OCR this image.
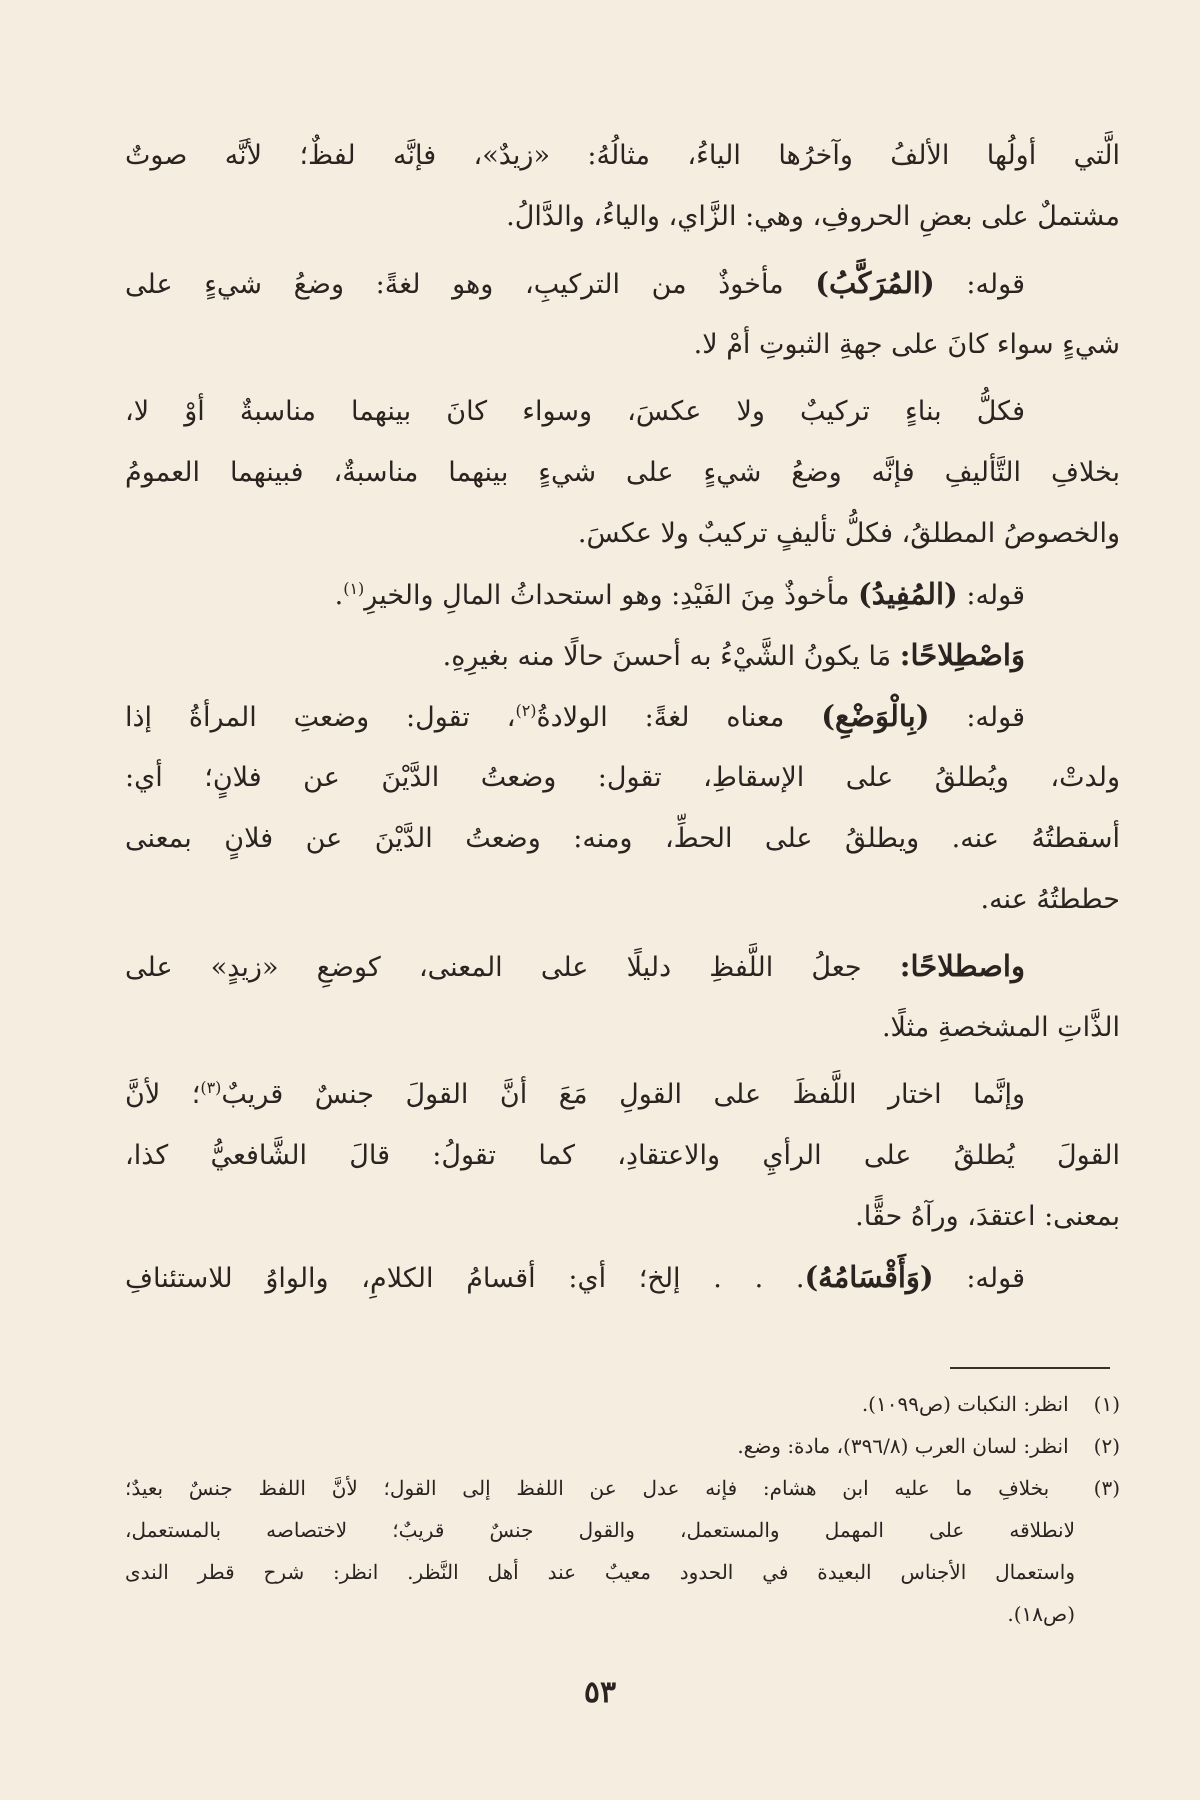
الَّتي أولُها الألفُ وآخرُها الياءُ، مثالُهُ: «زيدٌ»، فإنَّه لفظٌ؛ لأنَّه صوتٌ
مشتملٌ على بعضِ الحروفِ، وهي: الزَّاي، والياءُ، والدَّالُ.
قوله: (المُرَكَّبُ) مأخوذٌ من التركيبِ، وهو لغةً: وضعُ شيءٍ على
شيءٍ سواء كانَ على جهةِ الثبوتِ أمْ لا.
فكلُّ بناءٍ تركيبٌ ولا عكسَ، وسواء كانَ بينهما مناسبةٌ أوْ لا،
بخلافِ التَّأليفِ فإنَّه وضعُ شيءٍ على شيءٍ بينهما مناسبةٌ، فبينهما العمومُ
والخصوصُ المطلقُ، فكلُّ تأليفٍ تركيبٌ ولا عكسَ.
قوله: (المُفِيدُ) مأخوذٌ مِنَ الفَيْدِ: وهو استحداثُ المالِ والخيرِ$^{(١)}$.
وَاصْطِلاحًا: مَا يكونُ الشَّيْءُ به أحسنَ حالًا منه بغيرِهِ.
قوله: (بِالْوَضْعِ) معناه لغةً: الولادةُ$^{(٢)}$، تقول: وضعتِ المرأةُ إذا
ولدتْ، ويُطلقُ على الإسقاطِ، تقول: وضعتُ الدَّيْنَ عن فلانٍ؛ أي:
أسقطتُهُ عنه. ويطلقُ على الحطِّ، ومنه: وضعتُ الدَّيْنَ عن فلانٍ بمعنى
حططتُهُ عنه.
واصطلاحًا: جعلُ اللَّفظِ دليلًا على المعنى، كوضعِ «زيدٍ» على
الذَّاتِ المشخصةِ مثلًا.
وإنَّما اختار اللَّفظَ على القولِ مَعَ أنَّ القولَ جنسٌ قريبٌ$^{(٣)}$؛ لأنَّ
القولَ يُطلقُ على الرأيِ والاعتقادِ، كما تقولُ: قالَ الشَّافعيُّ كذا،
بمعنى: اعتقدَ، ورآهُ حقًّا.
قوله: (وَأَقْسَامُهُ). . . إلخ؛ أي: أقسامُ الكلامِ، والواوُ للاستئنافِ
(١) انظر: النكبات (ص١٠٩٩).
(٢) انظر: لسان العرب (٣٩٦/٨)، مادة: وضع.
(٣) بخلافِ ما عليه ابن هشام: فإنه عدل عن اللفظ إلى القول؛ لأنَّ اللفظ جنسٌ بعيدٌ؛
لانطلاقه على المهمل والمستعمل، والقول جنسٌ قريبٌ؛ لاختصاصه بالمستعمل،
واستعمال الأجناس البعيدة في الحدود معيبٌ عند أهل النَّظر. انظر: شرح قطر الندى
(ص١٨).
٥٣
